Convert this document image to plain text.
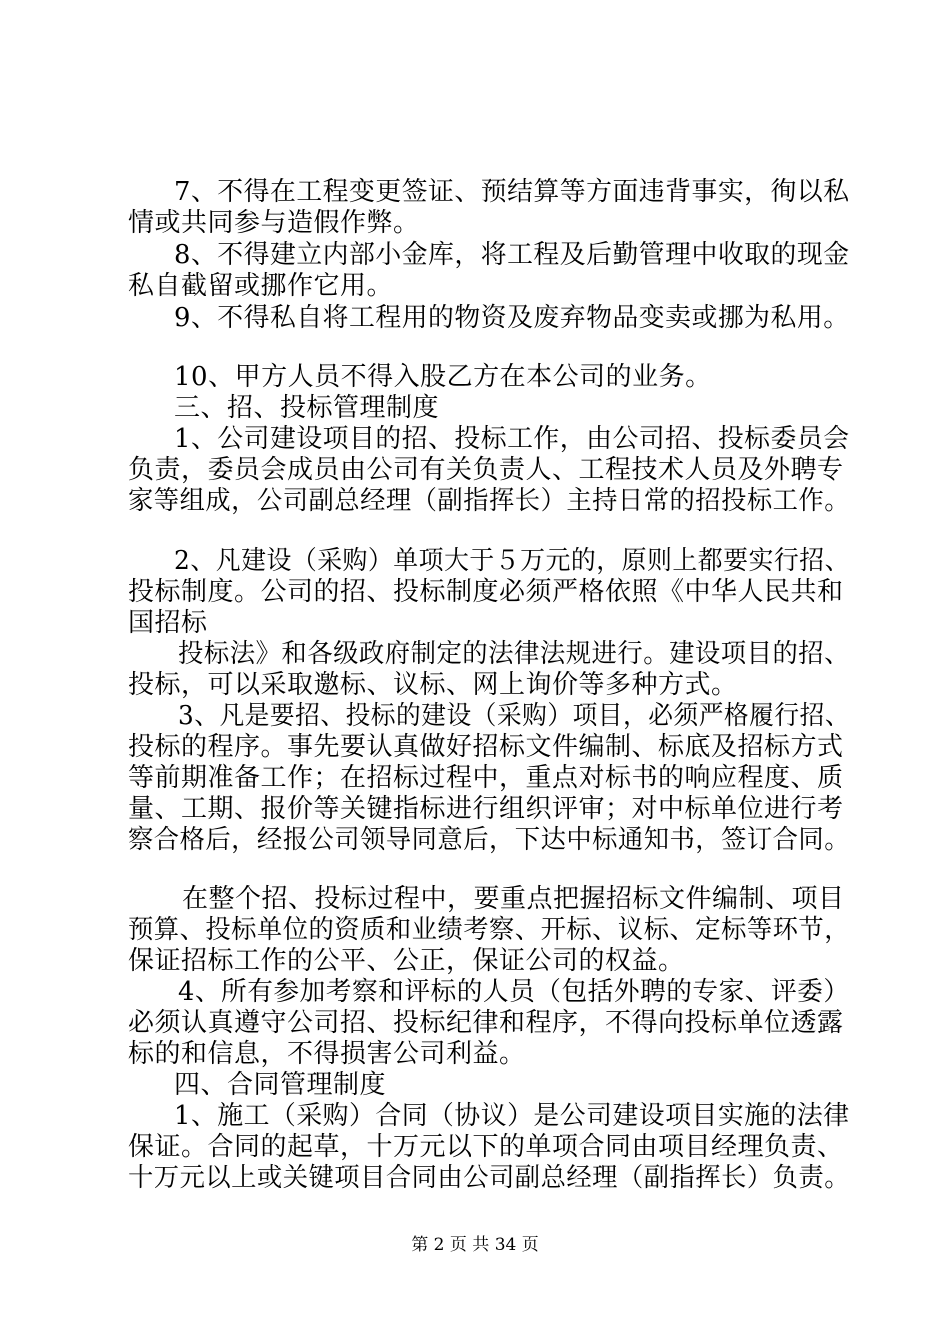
7、不得在工程变更签证、预结算等方面违背事实，徇以私
情或共同参与造假作弊。
8、不得建立内部小金库，将工程及后勤管理中收取的现金
私自截留或挪作它用。
9、不得私自将工程用的物资及废弃物品变卖或挪为私用。
10、甲方人员不得入股乙方在本公司的业务。
三、招、投标管理制度
1、公司建设项目的招、投标工作，由公司招、投标委员会
负责，委员会成员由公司有关负责人、工程技术人员及外聘专
家等组成，公司副总经理（副指挥长）主持日常的招投标工作。
2、凡建设（采购）单项大于５万元的，原则上都要实行招、
投标制度。公司的招、投标制度必须严格依照《中华人民共和
国招标
投标法》和各级政府制定的法律法规进行。建设项目的招、
投标，可以采取邀标、议标、网上询价等多种方式。
3、凡是要招、投标的建设（采购）项目，必须严格履行招、
投标的程序。事先要认真做好招标文件编制、标底及招标方式
等前期准备工作；在招标过程中，重点对标书的响应程度、质
量、工期、报价等关键指标进行组织评审；对中标单位进行考
察合格后，经报公司领导同意后，下达中标通知书，签订合同。
在整个招、投标过程中，要重点把握招标文件编制、项目
预算、投标单位的资质和业绩考察、开标、议标、定标等环节，
保证招标工作的公平、公正，保证公司的权益。
4、所有参加考察和评标的人员（包括外聘的专家、评委）
必须认真遵守公司招、投标纪律和程序，不得向投标单位透露
标的和信息，不得损害公司利益。
四、合同管理制度
1、施工（采购）合同（协议）是公司建设项目实施的法律
保证。合同的起草，十万元以下的单项合同由项目经理负责、
十万元以上或关键项目合同由公司副总经理（副指挥长）负责。
第 2 页 共 34 页
